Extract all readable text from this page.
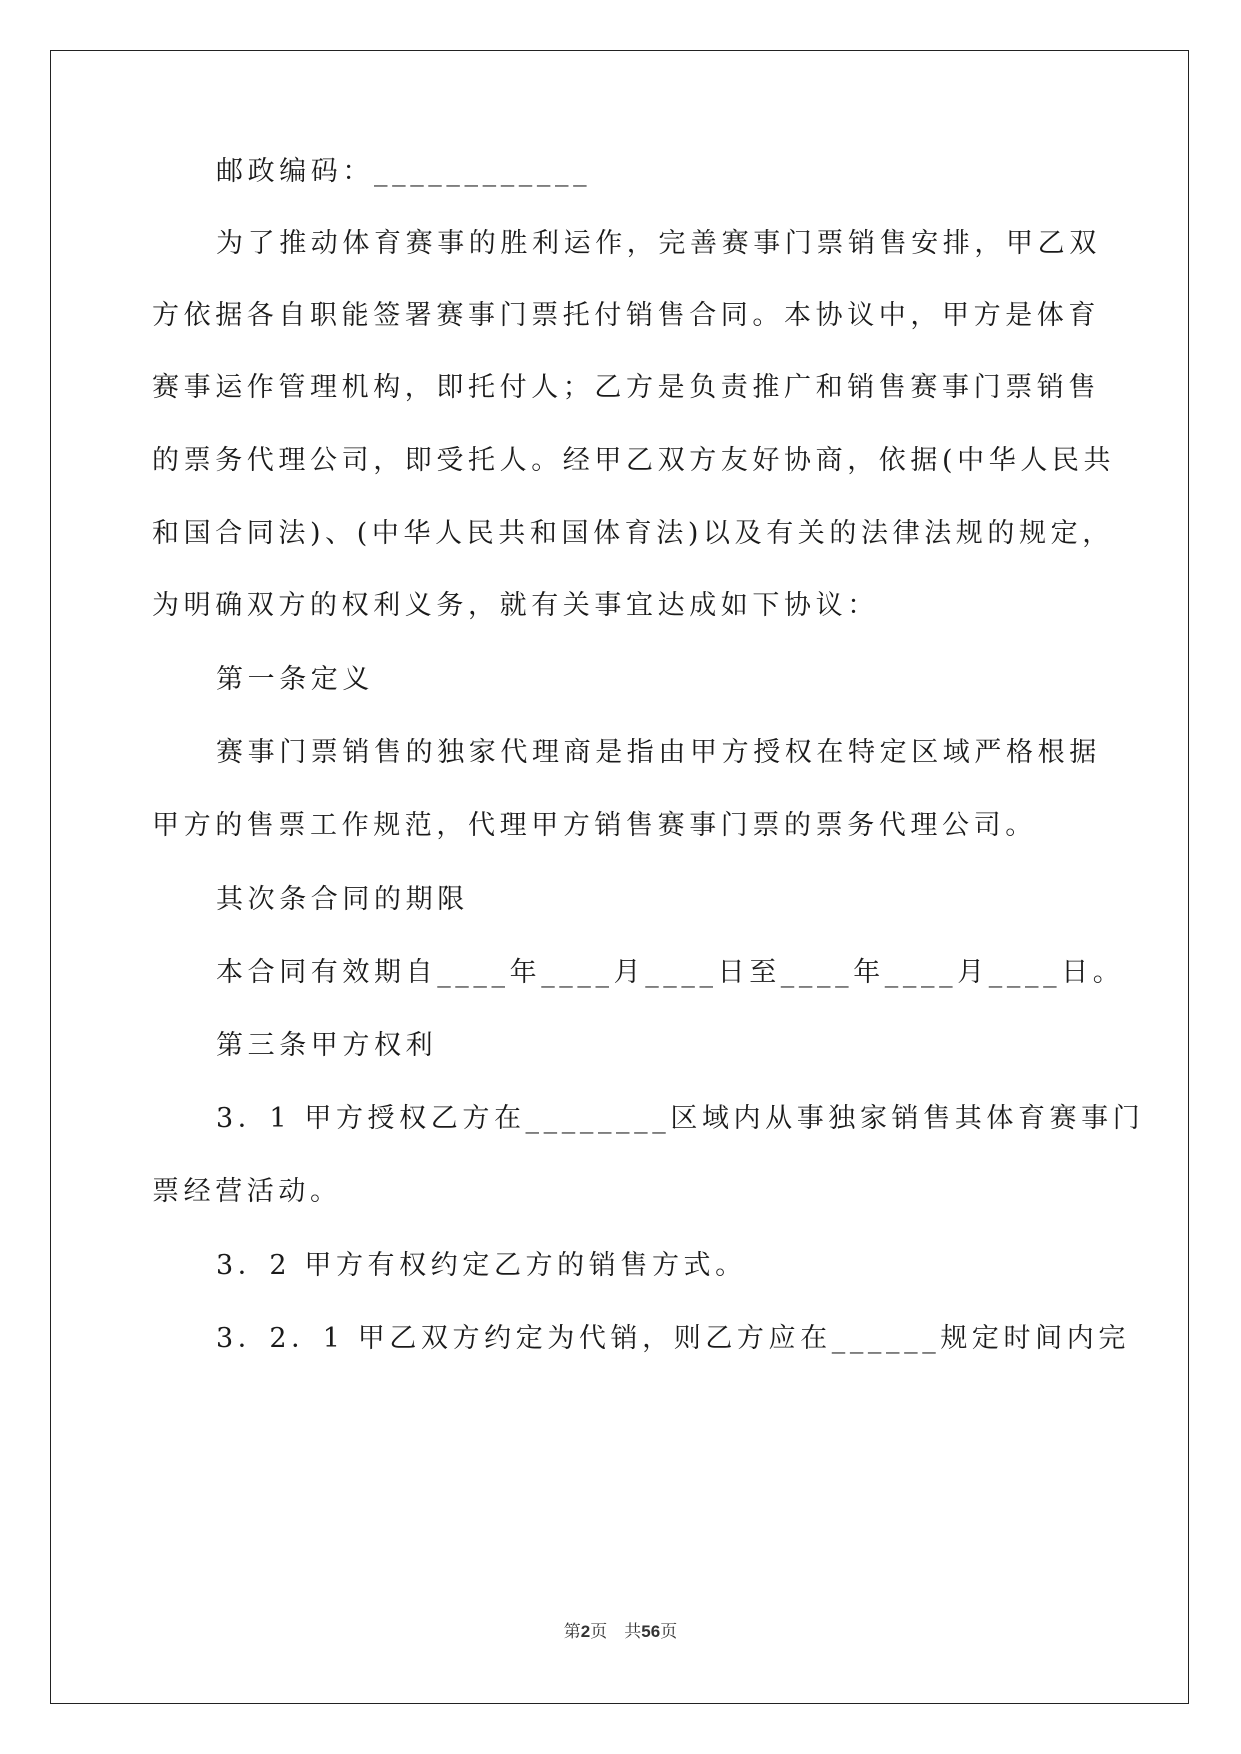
邮政编码：____________
为了推动体育赛事的胜利运作，完善赛事门票销售安排，甲乙双
方依据各自职能签署赛事门票托付销售合同。本协议中，甲方是体育
赛事运作管理机构，即托付人；乙方是负责推广和销售赛事门票销售
的票务代理公司，即受托人。经甲乙双方友好协商，依据(中华人民共
和国合同法)、(中华人民共和国体育法)以及有关的法律法规的规定，
为明确双方的权利义务，就有关事宜达成如下协议：
第一条定义
赛事门票销售的独家代理商是指由甲方授权在特定区域严格根据
甲方的售票工作规范，代理甲方销售赛事门票的票务代理公司。
其次条合同的期限
本合同有效期自____年____月____日至____年____月____日。
第三条甲方权利
3．1 甲方授权乙方在________区域内从事独家销售其体育赛事门
票经营活动。
3．2 甲方有权约定乙方的销售方式。
3．2．1 甲乙双方约定为代销，则乙方应在______规定时间内完
第2页　共56页
